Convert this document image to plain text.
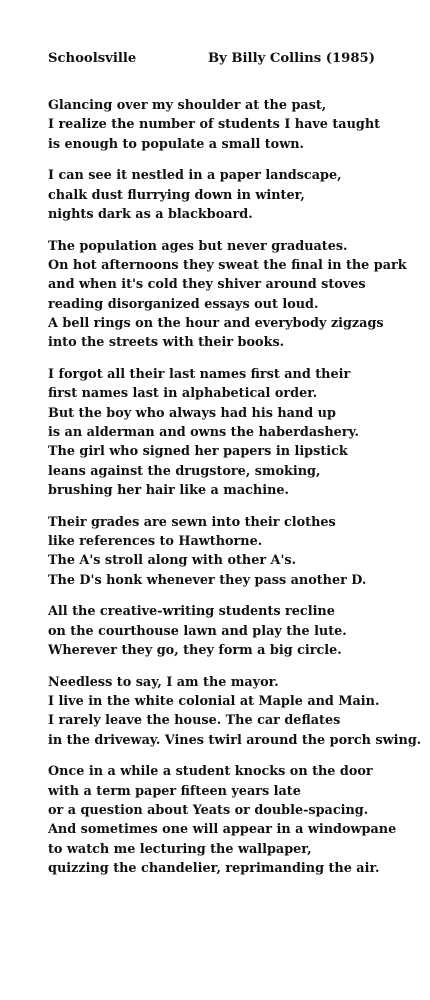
Schoolsville	By Billy Collins (1985)
Glancing over my shoulder at the past,
I realize the number of students I have taught
is enough to populate a small town.
I can see it nestled in a paper landscape,
chalk dust flurrying down in winter,
nights dark as a blackboard.
The population ages but never graduates.
On hot afternoons they sweat the final in the park
and when it's cold they shiver around stoves
reading disorganized essays out loud.
A bell rings on the hour and everybody zigzags
into the streets with their books.
I forgot all their last names first and their
first names last in alphabetical order.
But the boy who always had his hand up
is an alderman and owns the haberdashery.
The girl who signed her papers in lipstick
leans against the drugstore, smoking,
brushing her hair like a machine.
Their grades are sewn into their clothes
like references to Hawthorne.
The A's stroll along with other A's.
The D's honk whenever they pass another D.
All the creative-writing students recline
on the courthouse lawn and play the lute.
Wherever they go, they form a big circle.
Needless to say, I am the mayor.
I live in the white colonial at Maple and Main.
I rarely leave the house. The car deflates
in the driveway. Vines twirl around the porch swing.
Once in a while a student knocks on the door
with a term paper fifteen years late
or a question about Yeats or double-spacing.
And sometimes one will appear in a windowpane
to watch me lecturing the wallpaper,
quizzing the chandelier, reprimanding the air.
